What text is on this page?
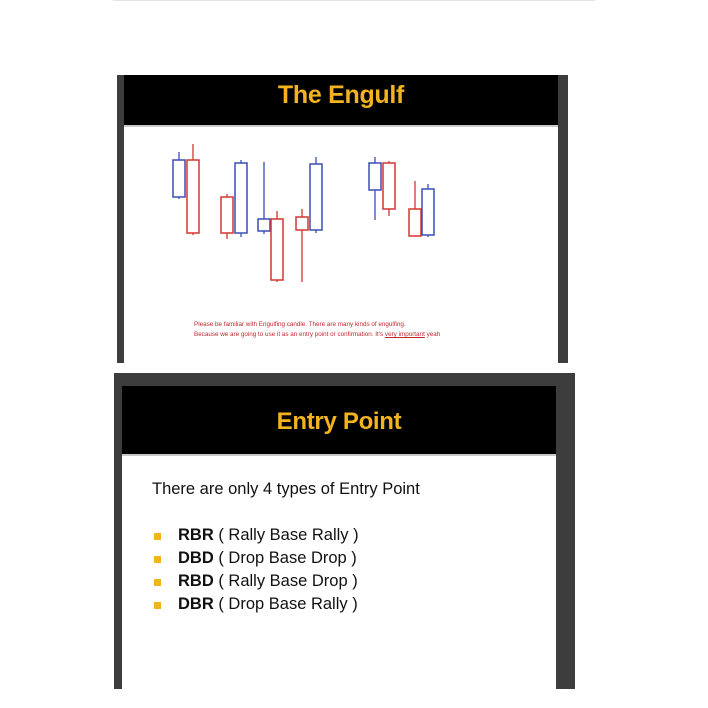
The Engulf
Please be familiar with Engulfing candle. There are many kinds of engulfing.
Because we are going to use it as an entry point or confirmation. It's very important yeah
Entry Point
There are only 4 types of Entry Point
RBR ( Rally Base Rally )
DBD ( Drop Base Drop )
RBD ( Rally Base Drop )
DBR ( Drop Base Rally )
